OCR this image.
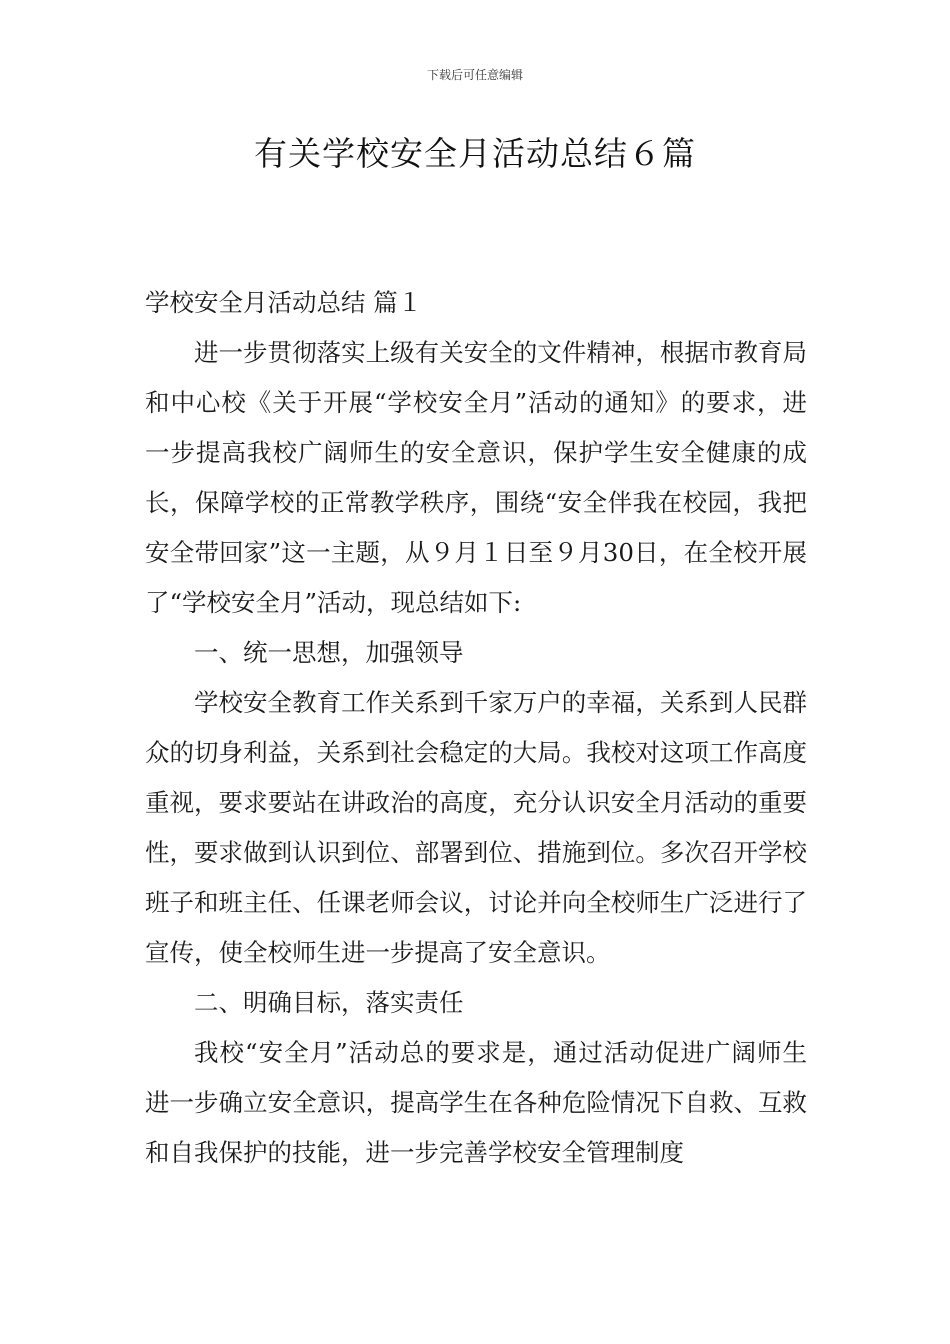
下载后可任意编辑
有关学校安全月活动总结６篇

学校安全月活动总结 篇１

进一步贯彻落实上级有关安全的文件精神，根据市教育局和中心校《关于开展“学校安全月”活动的通知》的要求，进一步提高我校广阔师生的安全意识，保护学生安全健康的成长，保障学校的正常教学秩序，围绕“安全伴我在校园，我把安全带回家”这一主题，从９月１日至９月30日，在全校开展了“学校安全月”活动，现总结如下:

一、统一思想，加强领导

学校安全教育工作关系到千家万户的幸福，关系到人民群众的切身利益，关系到社会稳定的大局。我校对这项工作高度重视，要求要站在讲政治的高度，充分认识安全月活动的重要性，要求做到认识到位、部署到位、措施到位。多次召开学校班子和班主任、任课老师会议，讨论并向全校师生广泛进行了宣传，使全校师生进一步提高了安全意识。

二、明确目标，落实责任

我校“安全月”活动总的要求是，通过活动促进广阔师生进一步确立安全意识，提高学生在各种危险情况下自救、互救和自我保护的技能，进一步完善学校安全管理制度
